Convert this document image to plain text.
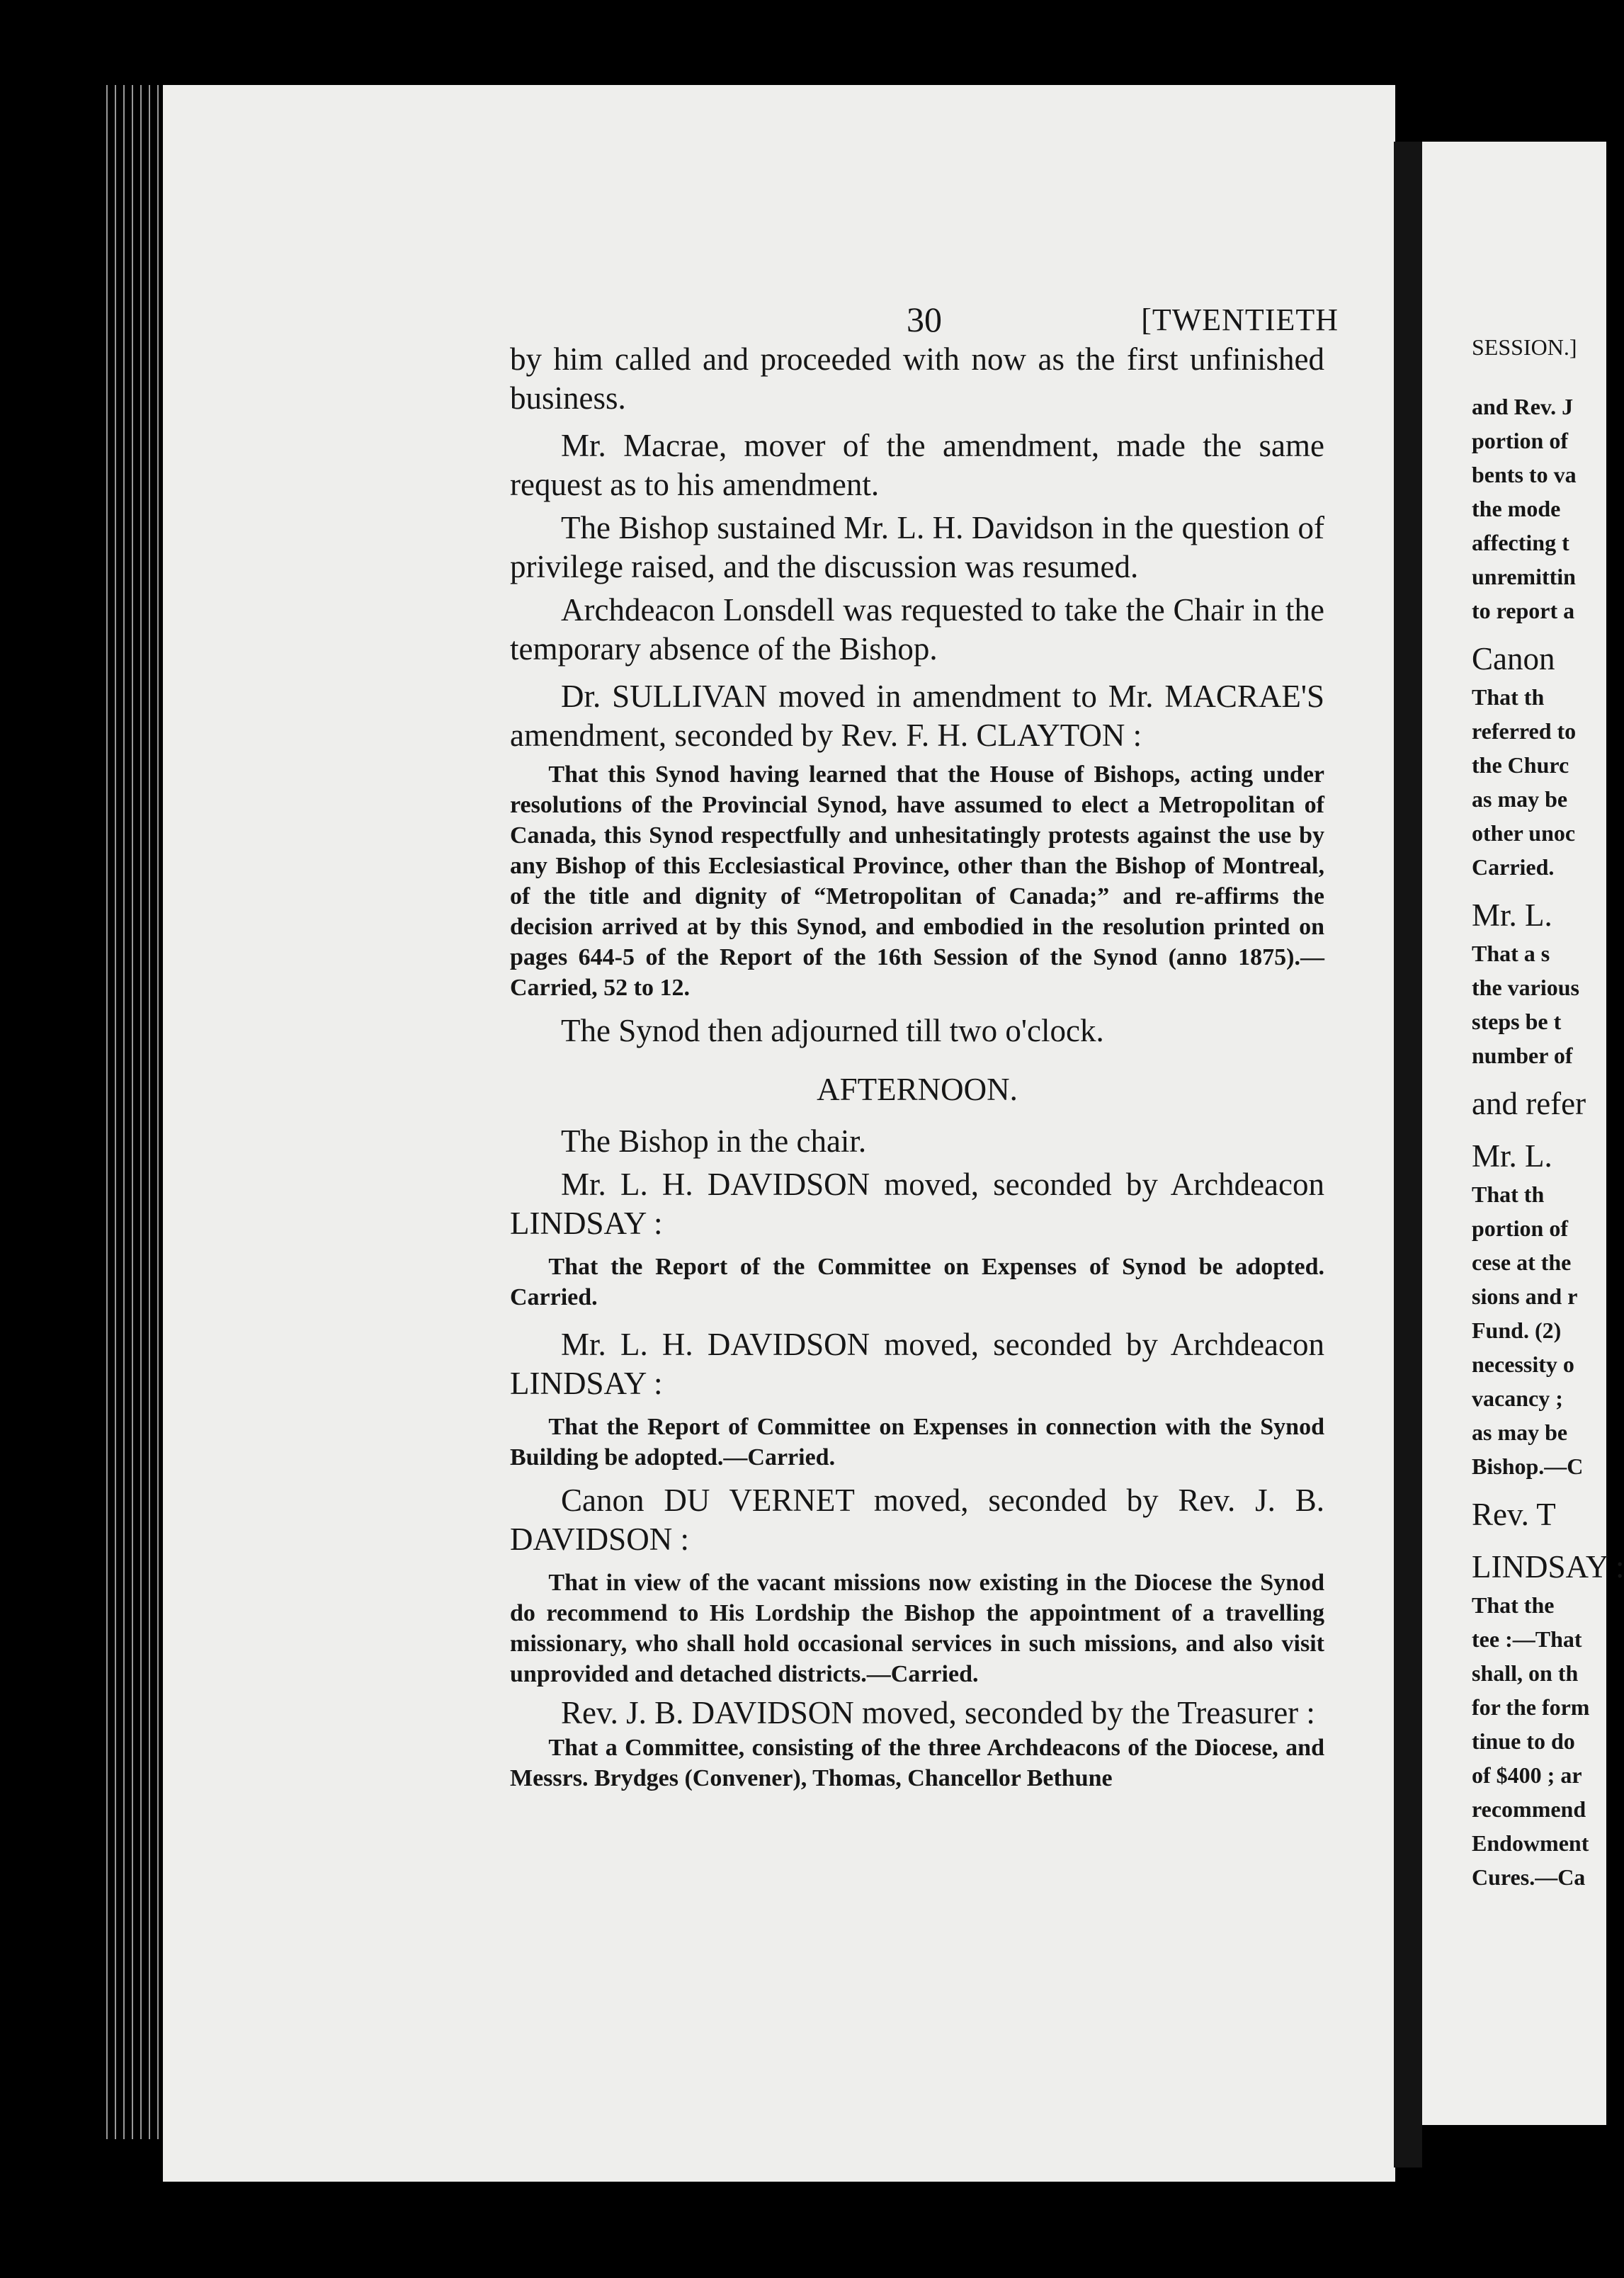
30	[TWENTIETH

by him called and proceeded with now as the first unfinished business.

Mr. Macrae, mover of the amendment, made the same request as to his amendment.

The Bishop sustained Mr. L. H. Davidson in the question of privilege raised, and the discussion was resumed.

Archdeacon Lonsdell was requested to take the Chair in the temporary absence of the Bishop.

Dr. SULLIVAN moved in amendment to Mr. MACRAE'S amendment, seconded by Rev. F. H. CLAYTON :

That this Synod having learned that the House of Bishops, acting under resolutions of the Provincial Synod, have assumed to elect a Metropolitan of Canada, this Synod respectfully and unhesitatingly protests against the use by any Bishop of this Ecclesiastical Province, other than the Bishop of Montreal, of the title and dignity of “Metropolitan of Canada;” and re-affirms the decision arrived at by this Synod, and embodied in the resolution printed on pages 644-5 of the Report of the 16th Session of the Synod (anno 1875).—Carried, 52 to 12.

The Synod then adjourned till two o'clock.

AFTERNOON.

The Bishop in the chair.

Mr. L. H. DAVIDSON moved, seconded by Archdeacon LINDSAY :

That the Report of the Committee on Expenses of Synod be adopted. Carried.

Mr. L. H. DAVIDSON moved, seconded by Archdeacon LINDSAY :

That the Report of Committee on Expenses in connection with the Synod Building be adopted.—Carried.

Canon DU VERNET moved, seconded by Rev. J. B. DAVIDSON :

That in view of the vacant missions now existing in the Diocese the Synod do recommend to His Lordship the Bishop the appointment of a travelling missionary, who shall hold occasional services in such missions, and also visit unprovided and detached districts.—Carried.

Rev. J. B. DAVIDSON moved, seconded by the Treasurer :

That a Committee, consisting of the three Archdeacons of the Diocese, and Messrs. Brydges (Convener), Thomas, Chancellor Bethune

SESSION.]
and Rev. J
portion of
bents to va
the mode
affecting t
unremittin
to report a
Canon
That th
referred to
the Churc
as may be
other unoc
Carried.
Mr. L.
That a s
the various
steps be t
number of
and refer
Mr. L.
That th
portion of
cese at the
sions and r
Fund. (2)
necessity o
vacancy ;
as may be
Bishop.—C
Rev. T
LINDSAY :
That the
tee :—That
shall, on th
for the form
tinue to do
of $400 ; ar
recommend
Endowment
Cures.—Ca
